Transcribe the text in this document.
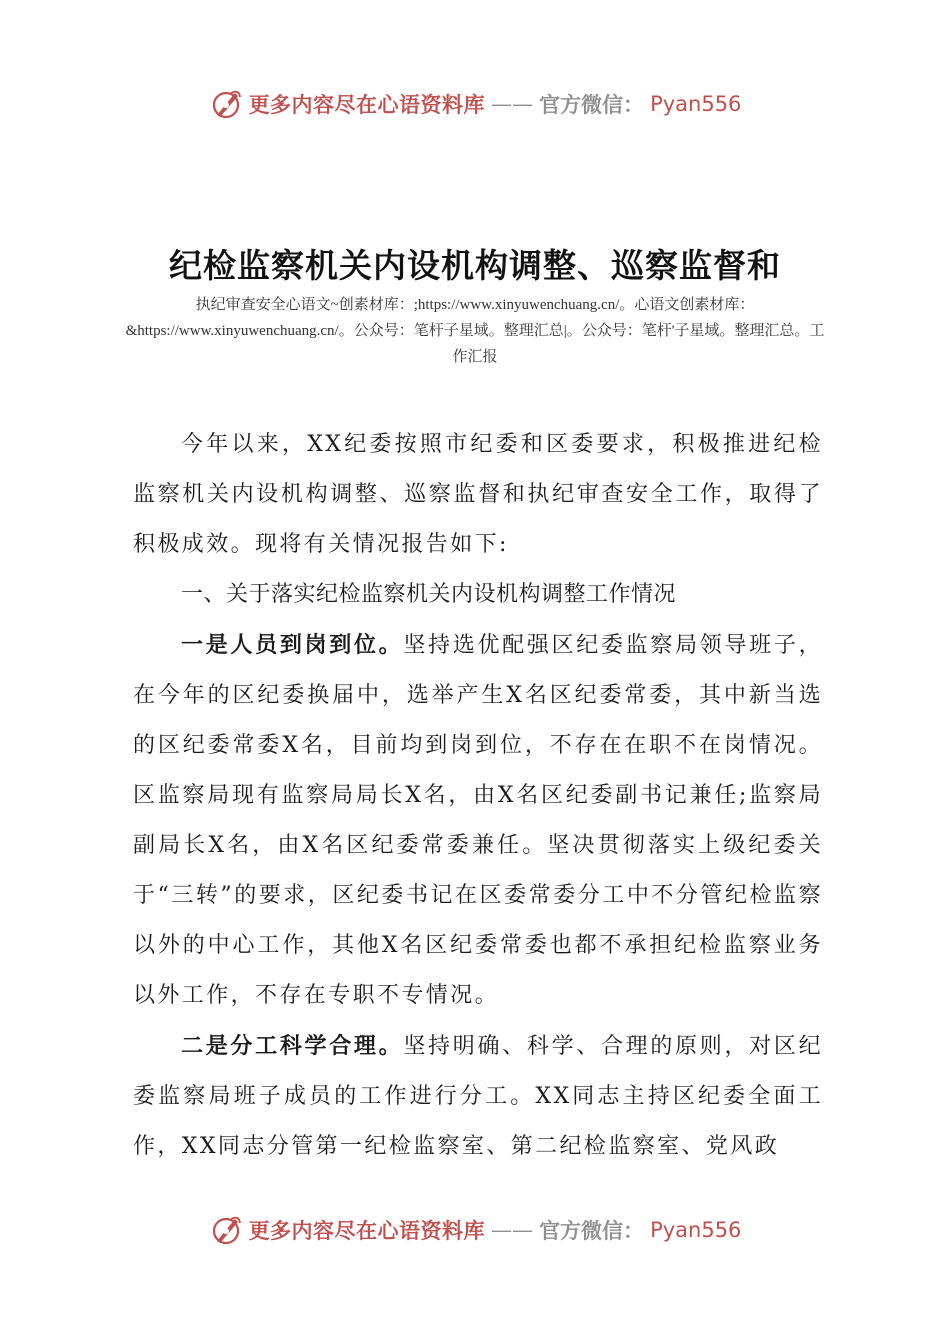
更多内容尽在心语资料库 —— 官方微信： Pyan556
纪检监察机关内设机构调整、巡察监督和
执纪审查安全心语文~创素材库：;https://www.xinyuwenchuang.cn/。心语文创素材库：&https://www.xinyuwenchuang.cn/。公众号：笔杆子星域。整理汇总|。公众号：笔杆'子星域。整理汇总。工作汇报

今年以来，XX纪委按照市纪委和区委要求，积极推进纪检监察机关内设机构调整、巡察监督和执纪审查安全工作，取得了积极成效。现将有关情况报告如下:

一、关于落实纪检监察机关内设机构调整工作情况

一是人员到岗到位。坚持选优配强区纪委监察局领导班子，在今年的区纪委换届中，选举产生X名区纪委常委，其中新当选的区纪委常委X名，目前均到岗到位，不存在在职不在岗情况。区监察局现有监察局局长X名，由X名区纪委副书记兼任;监察局副局长X名，由X名区纪委常委兼任。坚决贯彻落实上级纪委关于“三转”的要求，区纪委书记在区委常委分工中不分管纪检监察以外的中心工作，其他X名区纪委常委也都不承担纪检监察业务以外工作，不存在专职不专情况。

二是分工科学合理。坚持明确、科学、合理的原则，对区纪委监察局班子成员的工作进行分工。XX同志主持区纪委全面工作，XX同志分管第一纪检监察室、第二纪检监察室、党风政

更多内容尽在心语资料库 —— 官方微信： Pyan556
